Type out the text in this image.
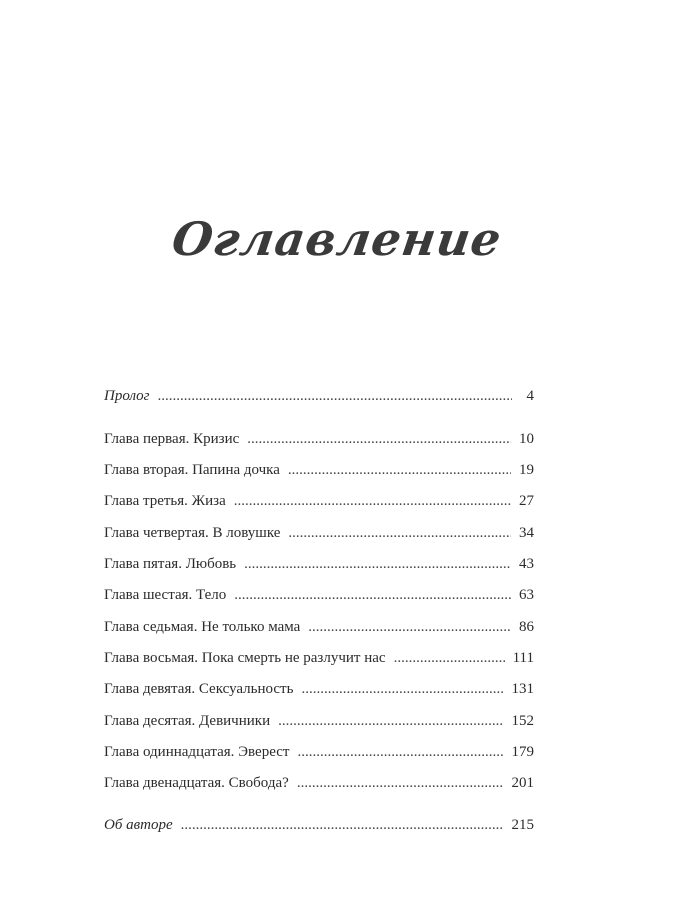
Оглавление
Пролог .....	4
Глава первая. Кризис .....	10
Глава вторая. Папина дочка .....	19
Глава третья. Жиза .....	27
Глава четвертая. В ловушке .....	34
Глава пятая. Любовь .....	43
Глава шестая. Тело .....	63
Глава седьмая. Не только мама .....	86
Глава восьмая. Пока смерть не разлучит нас .....	111
Глава девятая. Сексуальность .....	131
Глава десятая. Девичники .....	152
Глава одиннадцатая. Эверест .....	179
Глава двенадцатая. Свобода? .....	201
Об авторе .....	215
